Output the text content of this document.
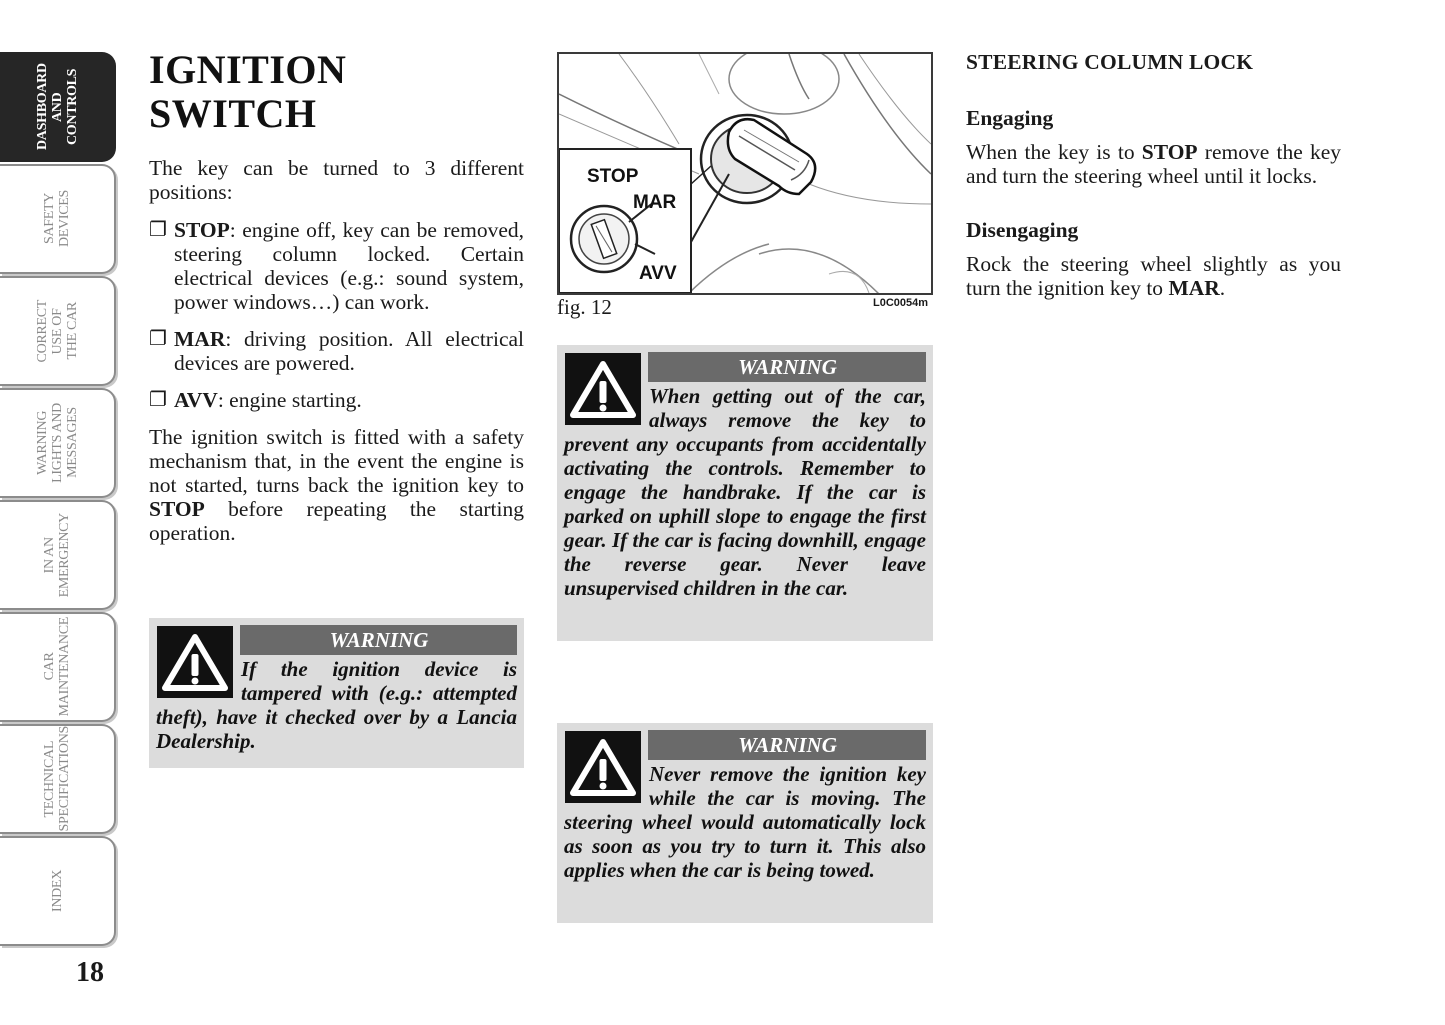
DASHBOARD
AND CONTROLS
SAFETY
DEVICES
CORRECT
USE OF
THE CAR
WARNING
LIGHTS AND
MESSAGES
IN AN
EMERGENCY
CAR
MAINTENANCE
TECHNICAL
SPECIFICATIONS
INDEX
18
IGNITION SWITCH

The key can be turned to 3 different positions:

❐ STOP: engine off, key can be removed, steering column locked. Certain electrical devices (e.g.: sound system, power windows…) can work.
❐ MAR: driving position. All electrical devices are powered.
❐ AVV: engine starting.

The ignition switch is fitted with a safety mechanism that, in the event the engine is not started, turns back the ignition key to STOP before repeating the starting operation.

WARNING
If the ignition device is tampered with (e.g.: attempted theft), have it checked over by a Lancia Dealership.
STOP
MAR
AVV
fig. 12	L0C0054m
WARNING
When getting out of the car, always remove the key to prevent any occupants from accidentally activating the controls. Remember to engage the handbrake. If the car is parked on uphill slope to engage the first gear. If the car is facing downhill, engage the reverse gear. Never leave unsupervised children in the car.
WARNING
Never remove the ignition key while the car is moving. The steering wheel would automatically lock as soon as you try to turn it. This also applies when the car is being towed.
STEERING COLUMN LOCK
Engaging

When the key is to STOP remove the key and turn the steering wheel until it locks.

Disengaging

Rock the steering wheel slightly as you turn the ignition key to MAR.
